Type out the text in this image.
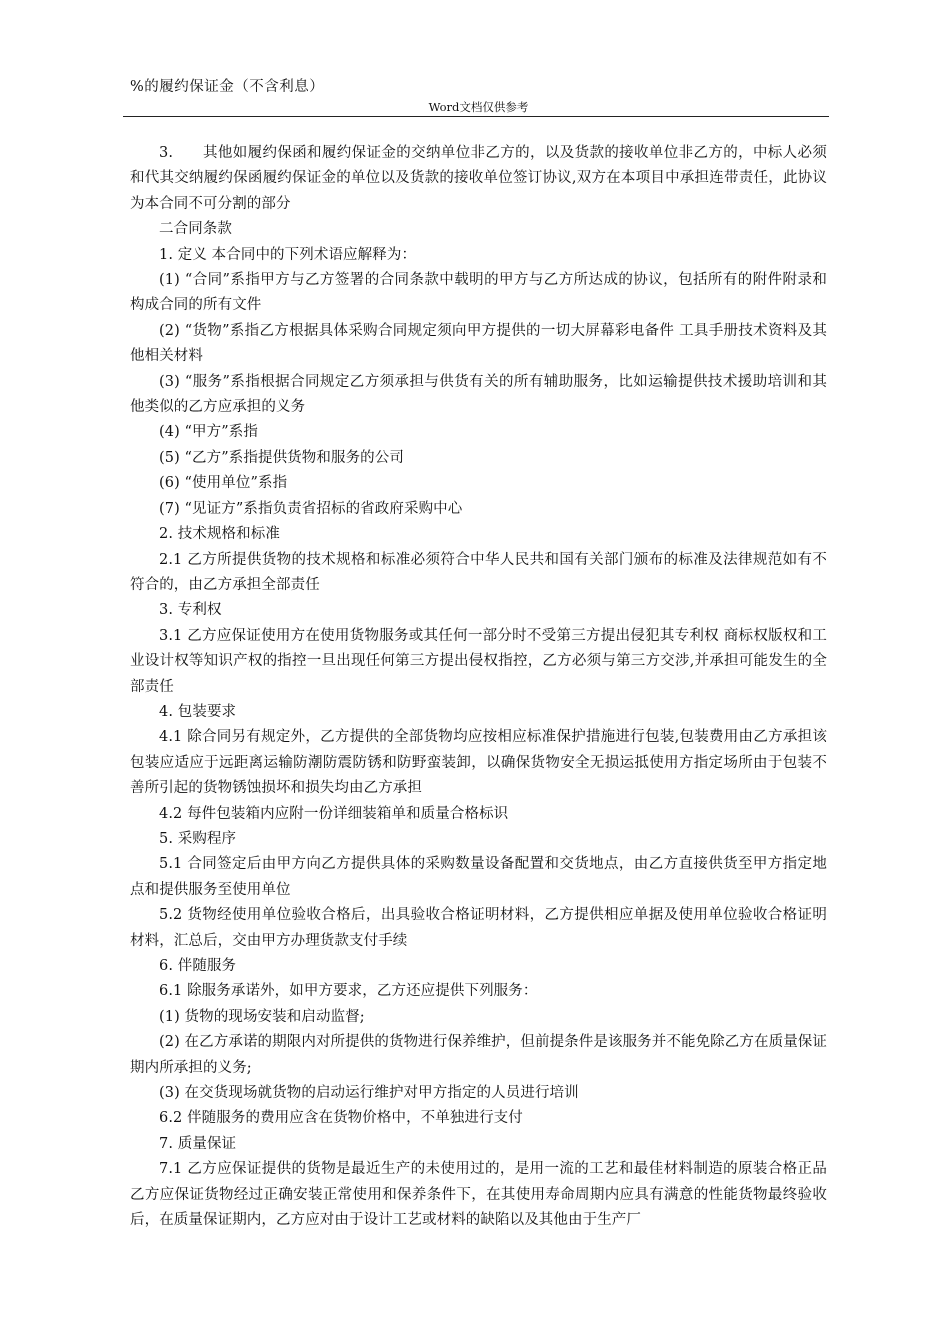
%的履约保证金（不含利息）

Word文档仅供参考

3.　　其他如履约保函和履约保证金的交纳单位非乙方的，以及货款的接收单位非乙方的，中标人必须和代其交纳履约保函履约保证金的单位以及货款的接收单位签订协议,双方在本项目中承担连带责任，此协议为本合同不可分割的部分

二合同条款

1. 定义 本合同中的下列术语应解释为：

(1) “合同”系指甲方与乙方签署的合同条款中载明的甲方与乙方所达成的协议，包括所有的附件附录和构成合同的所有文件

(2) “货物”系指乙方根据具体采购合同规定须向甲方提供的一切大屏幕彩电备件 工具手册技术资料及其他相关材料

(3) “服务”系指根据合同规定乙方须承担与供货有关的所有辅助服务，比如运输提供技术援助培训和其他类似的乙方应承担的义务

(4) “甲方”系指

(5) “乙方”系指提供货物和服务的公司

(6) “使用单位”系指

(7) “见证方”系指负责省招标的省政府采购中心

2. 技术规格和标准

2.1 乙方所提供货物的技术规格和标准必须符合中华人民共和国有关部门颁布的标准及法律规范如有不符合的，由乙方承担全部责任

3. 专利权

3.1 乙方应保证使用方在使用货物服务或其任何一部分时不受第三方提出侵犯其专利权 商标权版权和工业设计权等知识产权的指控一旦出现任何第三方提出侵权指控，乙方必须与第三方交涉,并承担可能发生的全部责任

4. 包装要求

4.1 除合同另有规定外，乙方提供的全部货物均应按相应标准保护措施进行包装,包装费用由乙方承担该包装应适应于远距离运输防潮防震防锈和防野蛮装卸，以确保货物安全无损运抵使用方指定场所由于包装不善所引起的货物锈蚀损坏和损失均由乙方承担

4.2 每件包装箱内应附一份详细装箱单和质量合格标识

5. 采购程序

5.1 合同签定后由甲方向乙方提供具体的采购数量设备配置和交货地点，由乙方直接供货至甲方指定地点和提供服务至使用单位

5.2 货物经使用单位验收合格后，出具验收合格证明材料，乙方提供相应单据及使用单位验收合格证明材料，汇总后，交由甲方办理货款支付手续

6. 伴随服务

6.1 除服务承诺外，如甲方要求，乙方还应提供下列服务：

(1) 货物的现场安装和启动监督;

(2) 在乙方承诺的期限内对所提供的货物进行保养维护，但前提条件是该服务并不能免除乙方在质量保证期内所承担的义务;

(3) 在交货现场就货物的启动运行维护对甲方指定的人员进行培训

6.2 伴随服务的费用应含在货物价格中，不单独进行支付

7. 质量保证

7.1 乙方应保证提供的货物是最近生产的未使用过的，是用一流的工艺和最佳材料制造的原装合格正品乙方应保证货物经过正确安装正常使用和保养条件下，在其使用寿命周期内应具有满意的性能货物最终验收后，在质量保证期内，乙方应对由于设计工艺或材料的缺陷以及其他由于生产厂
